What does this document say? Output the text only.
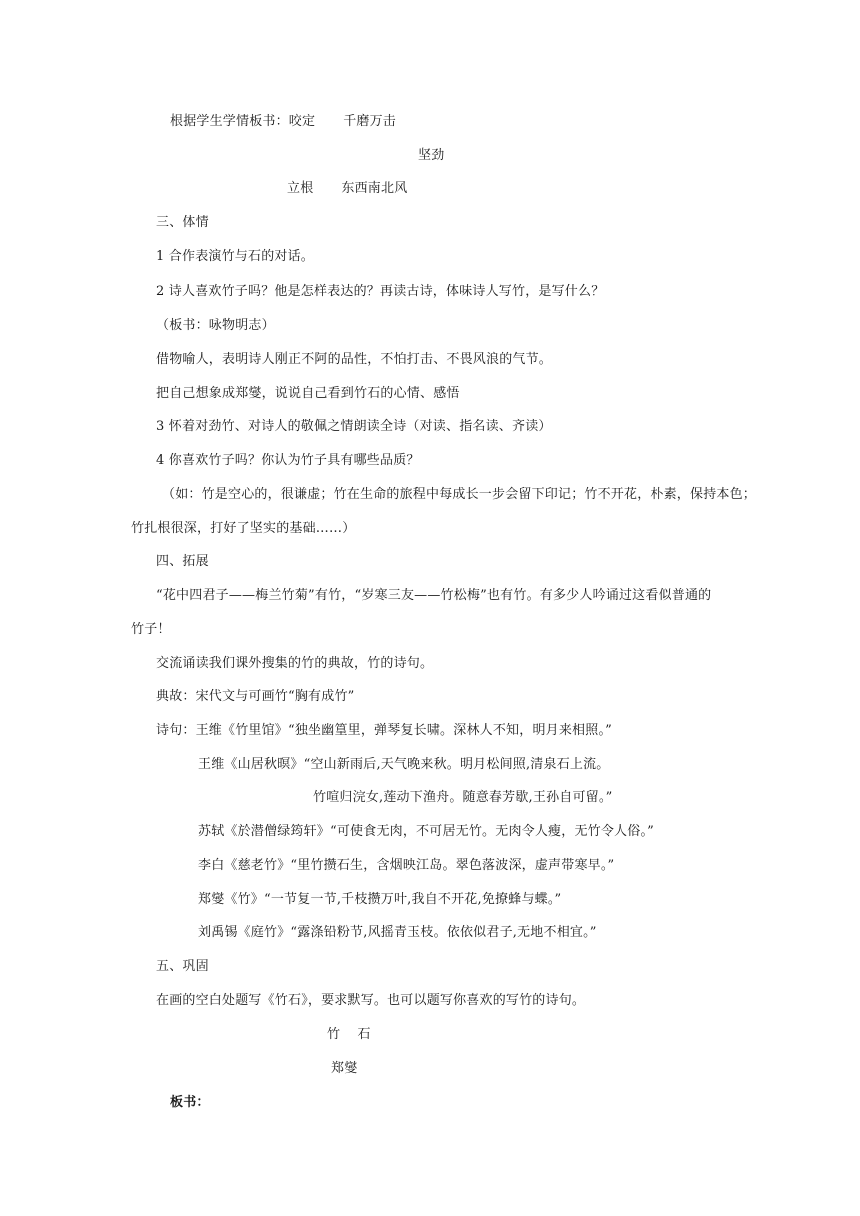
根据学生学情板书：咬定 千磨万击
坚劲
立根 东西南北风
三、体情
1 合作表演竹与石的对话。
2 诗人喜欢竹子吗？他是怎样表达的？再读古诗，体味诗人写竹，是写什么？
（板书：咏物明志）
借物喻人，表明诗人刚正不阿的品性，不怕打击、不畏风浪的气节。
把自己想象成郑燮，说说自己看到竹石的心情、感悟
3 怀着对劲竹、对诗人的敬佩之情朗读全诗（对读、指名读、齐读）
4 你喜欢竹子吗？你认为竹子具有哪些品质？
（如：竹是空心的，很谦虚；竹在生命的旅程中每成长一步会留下印记；竹不开花，朴素，保持本色；
竹扎根很深，打好了坚实的基础……）
四、拓展
“花中四君子——梅兰竹菊”有竹，“岁寒三友——竹松梅”也有竹。有多少人吟诵过这看似普通的
竹子！
交流诵读我们课外搜集的竹的典故，竹的诗句。
典故：宋代文与可画竹“胸有成竹”
诗句：王维《竹里馆》“独坐幽篁里，弹琴复长啸。深林人不知，明月来相照。”
王维《山居秋暝》“空山新雨后,天气晚来秋。明月松间照,清泉石上流。
竹喧归浣女,莲动下渔舟。随意春芳歇,王孙自可留。”
苏轼《於潜僧绿筠轩》“可使食无肉，不可居无竹。无肉令人瘦，无竹令人俗。”
李白《慈老竹》“里竹攒石生，含烟映江岛。翠色落波深，虚声带寒早。”
郑燮《竹》“一节复一节,千枝攒万叶,我自不开花,免撩蜂与蝶。”
刘禹锡《庭竹》“露涤铅粉节,风摇青玉枝。依依似君子,无地不相宜。”
五、巩固
在画的空白处题写《竹石》，要求默写。也可以题写你喜欢的写竹的诗句。
竹    石
郑燮
板书：
